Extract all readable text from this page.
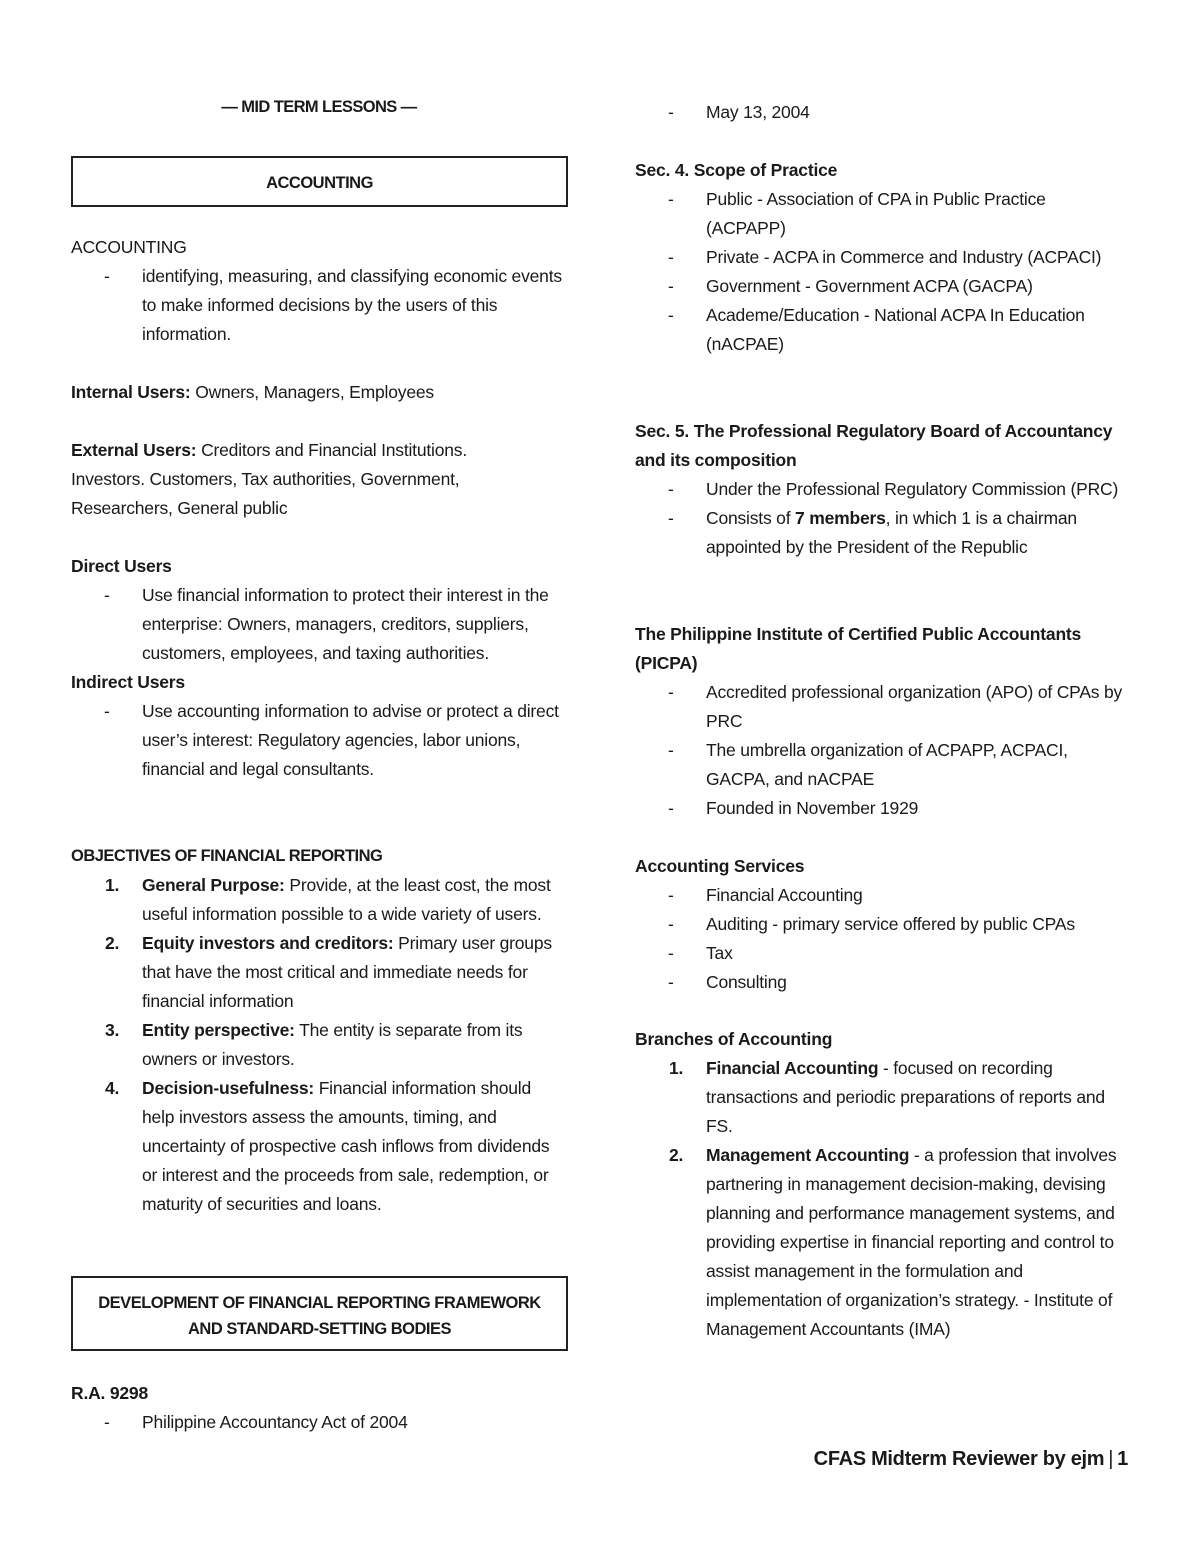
— MID TERM LESSONS —
ACCOUNTING
ACCOUNTING
- identifying, measuring, and classifying economic events to make informed decisions by the users of this information.
Internal Users: Owners, Managers, Employees
External Users: Creditors and Financial Institutions. Investors. Customers, Tax authorities, Government, Researchers, General public
Direct Users
- Use financial information to protect their interest in the enterprise: Owners, managers, creditors, suppliers, customers, employees, and taxing authorities.
Indirect Users
- Use accounting information to advise or protect a direct user’s interest: Regulatory agencies, labor unions, financial and legal consultants.
OBJECTIVES OF FINANCIAL REPORTING
1. General Purpose: Provide, at the least cost, the most useful information possible to a wide variety of users.
2. Equity investors and creditors: Primary user groups that have the most critical and immediate needs for financial information
3. Entity perspective: The entity is separate from its owners or investors.
4. Decision-usefulness: Financial information should help investors assess the amounts, timing, and uncertainty of prospective cash inflows from dividends or interest and the proceeds from sale, redemption, or maturity of securities and loans.
DEVELOPMENT OF FINANCIAL REPORTING FRAMEWORK
AND STANDARD-SETTING BODIES
R.A. 9298
- Philippine Accountancy Act of 2004
- May 13, 2004
Sec. 4. Scope of Practice
- Public - Association of CPA in Public Practice (ACPAPP)
- Private - ACPA in Commerce and Industry (ACPACI)
- Government - Government ACPA (GACPA)
- Academe/Education - National ACPA In Education (nACPAE)
Sec. 5. The Professional Regulatory Board of Accountancy and its composition
- Under the Professional Regulatory Commission (PRC)
- Consists of 7 members, in which 1 is a chairman appointed by the President of the Republic
The Philippine Institute of Certified Public Accountants (PICPA)
- Accredited professional organization (APO) of CPAs by PRC
- The umbrella organization of ACPAPP, ACPACI, GACPA, and nACPAE
- Founded in November 1929
Accounting Services
- Financial Accounting
- Auditing - primary service offered by public CPAs
- Tax
- Consulting
Branches of Accounting
1. Financial Accounting - focused on recording transactions and periodic preparations of reports and FS.
2. Management Accounting - a profession that involves partnering in management decision-making, devising planning and performance management systems, and providing expertise in financial reporting and control to assist management in the formulation and implementation of organization’s strategy. - Institute of Management Accountants (IMA)
CFAS Midterm Reviewer by ejm | 1
